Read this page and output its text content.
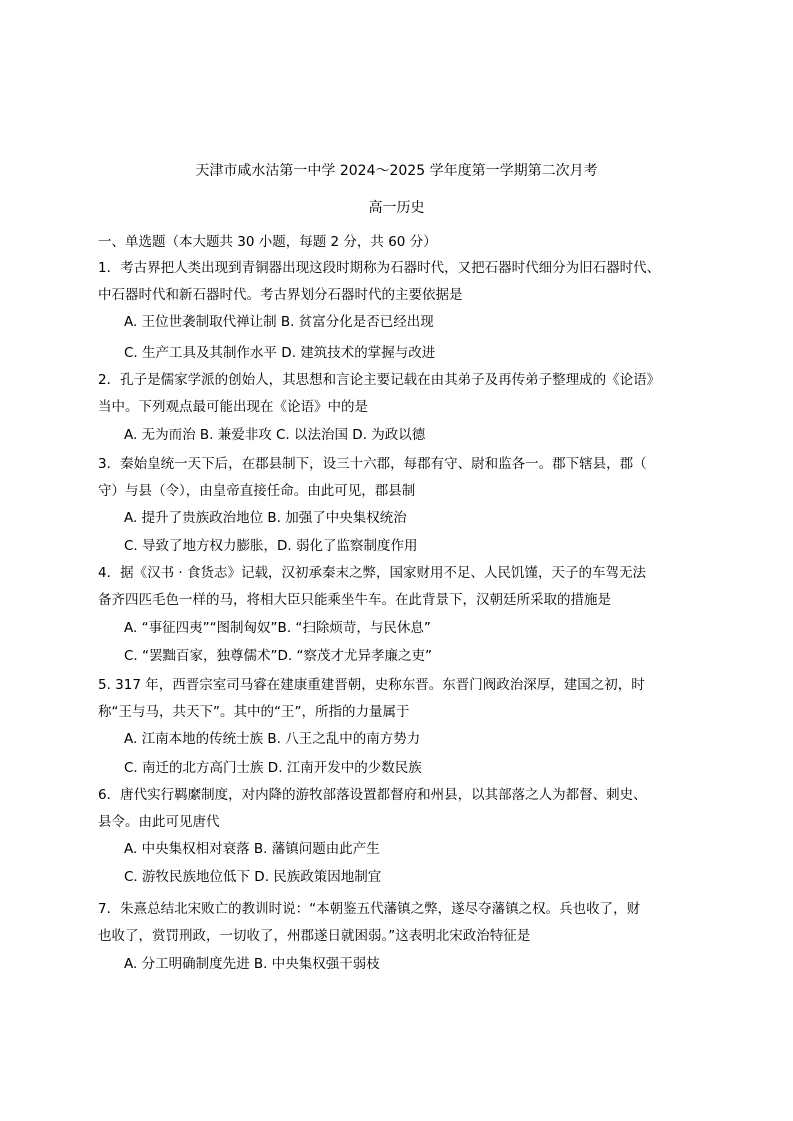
天津市咸水沽第一中学 2024～2025 学年度第一学期第二次月考
高一历史
一、单选题（本大题共 30 小题，每题 2 分，共 60 分）
1．考古界把人类出现到青铜器出现这段时期称为石器时代，又把石器时代细分为旧石器时代、
中石器时代和新石器时代。考古界划分石器时代的主要依据是
A. 王位世袭制取代禅让制 B. 贫富分化是否已经出现
C. 生产工具及其制作水平 D. 建筑技术的掌握与改进
2．孔子是儒家学派的创始人，其思想和言论主要记载在由其弟子及再传弟子整理成的《论语》
当中。下列观点最可能出现在《论语》中的是
A. 无为而治 B. 兼爱非攻 C. 以法治国 D. 为政以德
3．秦始皇统一天下后，在郡县制下，设三十六郡，每郡有守、尉和监各一。郡下辖县，郡（
守）与县（令），由皇帝直接任命。由此可见，郡县制
A. 提升了贵族政治地位 B. 加强了中央集权统治
C. 导致了地方权力膨胀，D. 弱化了监察制度作用
4．据《汉书 · 食货志》记载，汉初承秦末之弊，国家财用不足、人民饥馑，天子的车驾无法
备齐四匹毛色一样的马，将相大臣只能乘坐牛车。在此背景下，汉朝廷所采取的措施是
A. “事征四夷”“图制匈奴”B. “扫除烦苛，与民休息”
C. “罢黜百家，独尊儒术”D. “察茂才尤异孝廉之吏”
5. 317 年，西晋宗室司马睿在建康重建晋朝，史称东晋。东晋门阀政治深厚，建国之初，时
称“王与马，共天下”。其中的“王”，所指的力量属于
A. 江南本地的传统士族 B. 八王之乱中的南方势力
C. 南迁的北方高门士族 D. 江南开发中的少数民族
6．唐代实行羁縻制度，对内降的游牧部落设置都督府和州县，以其部落之人为都督、刺史、
县令。由此可见唐代
A. 中央集权相对衰落 B. 藩镇问题由此产生
C. 游牧民族地位低下 D. 民族政策因地制宜
7．朱熹总结北宋败亡的教训时说：“本朝鉴五代藩镇之弊，遂尽夺藩镇之权。兵也收了，财
也收了，赏罚刑政，一切收了，州郡遂日就困弱。”这表明北宋政治特征是
A. 分工明确制度先进 B. 中央集权强干弱枝
